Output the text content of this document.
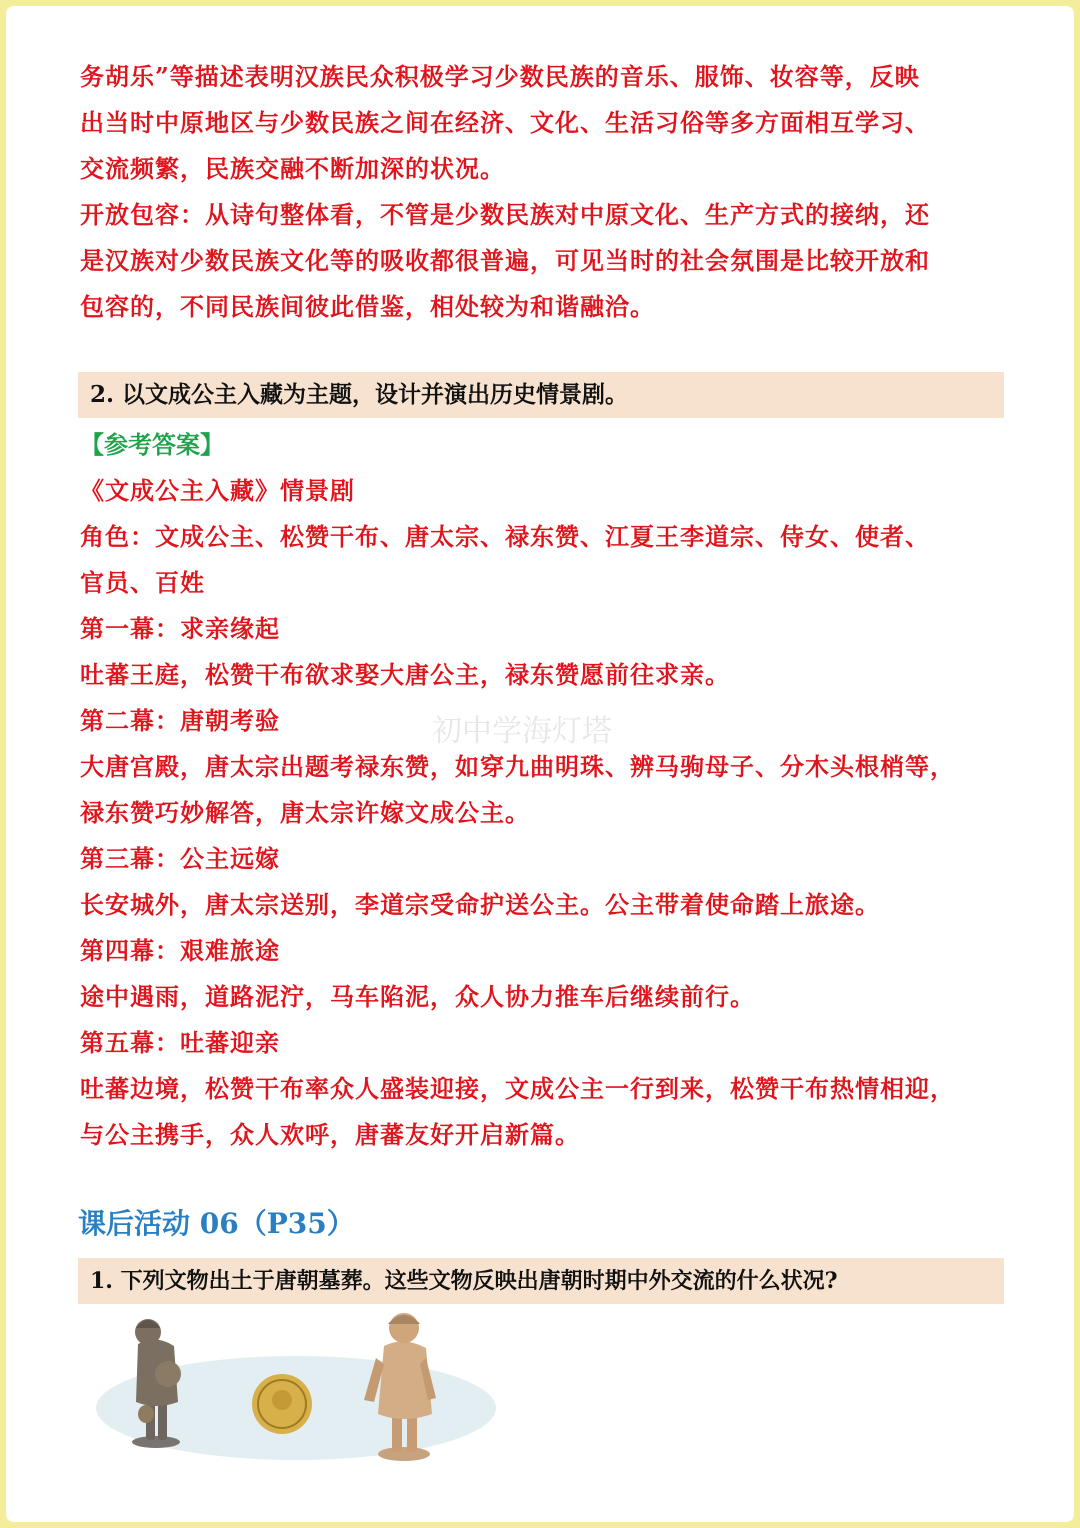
务胡乐”等描述表明汉族民众积极学习少数民族的音乐、服饰、妆容等，反映
出当时中原地区与少数民族之间在经济、文化、生活习俗等多方面相互学习、
交流频繁，民族交融不断加深的状况。
开放包容：从诗句整体看，不管是少数民族对中原文化、生产方式的接纳，还
是汉族对少数民族文化等的吸收都很普遍，可见当时的社会氛围是比较开放和
包容的，不同民族间彼此借鉴，相处较为和谐融洽。
2. 以文成公主入藏为主题，设计并演出历史情景剧。
【参考答案】
《文成公主入藏》情景剧
角色：文成公主、松赞干布、唐太宗、禄东赞、江夏王李道宗、侍女、使者、
官员、百姓
第一幕：求亲缘起
吐蕃王庭，松赞干布欲求娶大唐公主，禄东赞愿前往求亲。
第二幕：唐朝考验
大唐宫殿，唐太宗出题考禄东赞，如穿九曲明珠、辨马驹母子、分木头根梢等，
禄东赞巧妙解答，唐太宗许嫁文成公主。
第三幕：公主远嫁
长安城外，唐太宗送别，李道宗受命护送公主。公主带着使命踏上旅途。
第四幕：艰难旅途
途中遇雨，道路泥泞，马车陷泥，众人协力推车后继续前行。
第五幕：吐蕃迎亲
吐蕃边境，松赞干布率众人盛装迎接，文成公主一行到来，松赞干布热情相迎，
与公主携手，众人欢呼，唐蕃友好开启新篇。
初中学海灯塔
课后活动 06（P35）
1. 下列文物出土于唐朝墓葬。这些文物反映出唐朝时期中外交流的什么状况?
